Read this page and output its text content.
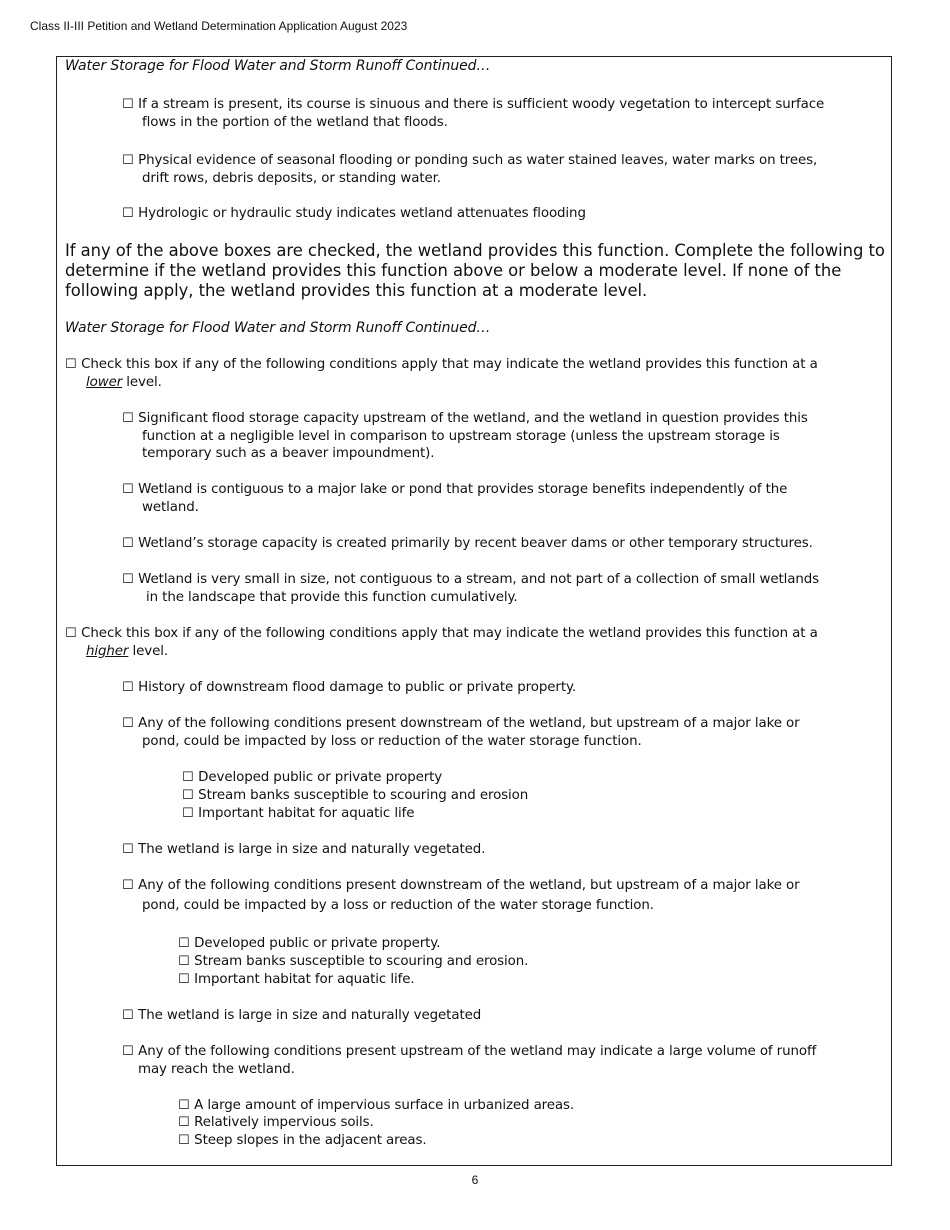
Class II-III Petition and Wetland Determination Application August 2023
Water Storage for Flood Water and Storm Runoff Continued…
☐ If a stream is present, its course is sinuous and there is sufficient woody vegetation to intercept surface
flows in the portion of the wetland that floods.
☐ Physical evidence of seasonal flooding or ponding such as water stained leaves, water marks on trees,
drift rows, debris deposits, or standing water.
☐ Hydrologic or hydraulic study indicates wetland attenuates flooding
If any of the above boxes are checked, the wetland provides this function. Complete the following to
determine if the wetland provides this function above or below a moderate level. If none of the
following apply, the wetland provides this function at a moderate level.
Water Storage for Flood Water and Storm Runoff Continued…
☐ Check this box if any of the following conditions apply that may indicate the wetland provides this function at a
lower level.
☐ Significant flood storage capacity upstream of the wetland, and the wetland in question provides this
function at a negligible level in comparison to upstream storage (unless the upstream storage is
temporary such as a beaver impoundment).
☐ Wetland is contiguous to a major lake or pond that provides storage benefits independently of the
wetland.
☐ Wetland’s storage capacity is created primarily by recent beaver dams or other temporary structures.
☐ Wetland is very small in size, not contiguous to a stream, and not part of a collection of small wetlands
in the landscape that provide this function cumulatively.
☐ Check this box if any of the following conditions apply that may indicate the wetland provides this function at a
higher level.
☐ History of downstream flood damage to public or private property.
☐ Any of the following conditions present downstream of the wetland, but upstream of a major lake or
pond, could be impacted by loss or reduction of the water storage function.
☐ Developed public or private property
☐ Stream banks susceptible to scouring and erosion
☐ Important habitat for aquatic life
☐ The wetland is large in size and naturally vegetated.
☐ Any of the following conditions present downstream of the wetland, but upstream of a major lake or
pond, could be impacted by a loss or reduction of the water storage function.
☐ Developed public or private property.
☐ Stream banks susceptible to scouring and erosion.
☐ Important habitat for aquatic life.
☐ The wetland is large in size and naturally vegetated
☐ Any of the following conditions present upstream of the wetland may indicate a large volume of runoff
may reach the wetland.
☐ A large amount of impervious surface in urbanized areas.
☐ Relatively impervious soils.
☐ Steep slopes in the adjacent areas.
6
